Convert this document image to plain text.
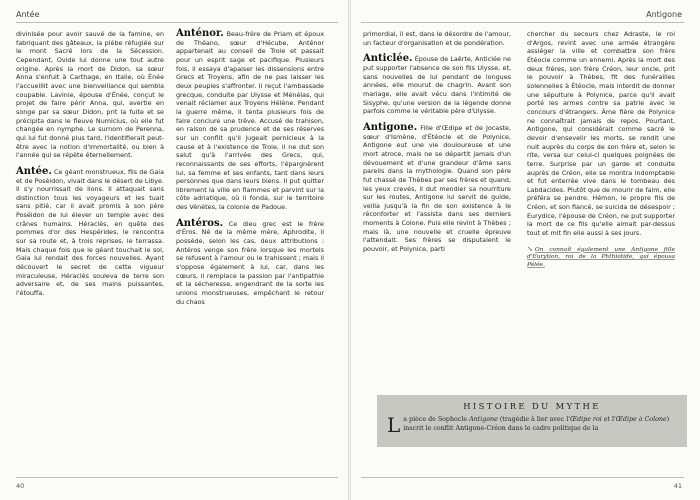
Antée

divinisée pour avoir sauvé de la famine, en fabriquant des gâteaux, la plèbe réfugiée sur le mont Sacré lors de la Sécession. Cependant, Ovide lui donne une tout autre origine. Après la mort de Didon, sa sœur Anna s'enfuit à Carthage, en Italie, où Énée l'accueillit avec une bienveillance qui sembla coupable. Lavinie, épouse d'Énée, conçut le projet de faire périr Anna, qui, avertie en songe par sa sœur Didon, prit la fuite et se précipita dans le fleuve Numicius, où elle fut changée en nymphe. Le surnom de Perenna, qui lui fut donné plus tard, l'identifierait peut-être avec la notion d'immortalité, ou bien à l'année qui se répète éternellement.

Antée. Ce géant monstrueux, fils de Gaia et de Poséidon, vivait dans le désert de Libye. Il s'y nourrissait de lions. Il attaquait sans distinction tous les voyageurs et les tuait sans pitié, car il avait promis à son père Poséidon de lui élever un temple avec des crânes humains. Héraclès, en quête des pommes d'or des Hespérides, le rencontra sur sa route et, à trois reprises, le terrassa. Mais chaque fois que le géant touchait le sol, Gaia lui rendait des forces nouvelles. Ayant découvert le secret de cette vigueur miraculeuse, Héraclès souleva de terre son adversaire et, de ses mains puissantes, l'étouffa.

Anténor. Beau-frère de Priam et époux de Théano, sœur d'Hécube, Anténor appartenait au conseil de Troie et passait pour un esprit sage et pacifique. Plusieurs fois, il essaya d'apaiser les dissensions entre Grecs et Troyens, afin de ne pas laisser les deux peuples s'affronter. Il reçut l'ambassade grecque, conduite par Ulysse et Ménélas, qui venait réclamer aux Troyens Hélène. Pendant la guerre même, il tenta plusieurs fois de faire conclure une trêve. Accusé de trahison, en raison de sa prudence et de ses réserves sur un conflit qu'il jugeait pernicieux à la cause et à l'existence de Troie, il ne dut son salut qu'à l'arrivée des Grecs, qui, reconnaissants de ses efforts, l'épargnèrent lui, sa femme et ses enfants, tant dans leurs personnes que dans leurs biens. Il put quitter librement la ville en flammes et parvint sur la côte adriatique, où il fonda, sur le territoire des Vénètes, la colonie de Padoue.

Antéros. Ce dieu grec est le frère d'Éros. Né de la même mère, Aphrodite, il possède, selon les cas, deux attributions : Antéros venge son frère lorsque les mortels se refusent à l'amour ou le trahissent ; mais il s'oppose également à lui, car, dans les cœurs, il remplace la passion par l'antipathie et la sécheresse, engendrant de la sorte les unions monstrueuses, empêchant le retour du chaos

40
Antigone

primordial, il est, dans le désordre de l'amour, un facteur d'organisation et de pondération.

Anticlée. Épouse de Laërte, Anticlée ne put supporter l'absence de son fils Ulysse, et, sans nouvelles de lui pendant de longues années, elle mourut de chagrin. Avant son mariage, elle avait vécu dans l'intimité de Sisyphe, qu'une version de la légende donne parfois comme le véritable père d'Ulysse.

Antigone. Fille d'Œdipe et de Jocaste, sœur d'Ismène, d'Étéocle et de Polynice, Antigone eut une vie douloureuse et une mort atroce, mais ne se départit jamais d'un dévouement et d'une grandeur d'âme sans pareils dans la mythologie. Quand son père fut chassé de Thèbes par ses frères et quand, les yeux crevés, il dut mendier sa nourriture sur les routes, Antigone lui servit de guide, veilla jusqu'à la fin de son existence à le réconforter et l'assista dans ses derniers moments à Colone. Puis elle revint à Thèbes ; mais là, une nouvelle et cruelle épreuve l'attendait. Ses frères se disputaient le pouvoir, et Polynice, parti

chercher du secours chez Adraste, le roi d'Argos, revint avec une armée étrangère assiéger la ville et combattre son frère Étéocle comme un ennemi. Après la mort des deux frères, son frère Créon, leur oncle, prit le pouvoir à Thèbes, fit des funérailles solennelles à Étéocle, mais interdit de donner une sépulture à Polynice, parce qu'il avait porté les armes contre sa patrie avec le concours d'étrangers. Âme fière de Polynice ne connaîtrait jamais de repos. Pourtant, Antigone, qui considérait comme sacré le devoir d'ensevelir les morts, se rendit une nuit auprès du corps de son frère et, selon le rite, versa sur celui-ci quelques poignées de terre. Surprise par un garde et conduite auprès de Créon, elle se montra indomptable et fut enterrée vive dans le tombeau des Labdacides. Plutôt que de mourir de faim, elle préféra se pendre. Hémon, le propre fils de Créon, et son fiancé, se suicida de désespoir ; Eurydice, l'épouse de Créon, ne put supporter la mort de ce fils qu'elle aimait par-dessus tout et mit fin elle aussi à ses jours.

↘ On connaît également une Antigone fille d'Eurytion, roi de la Phthiotide, qui épousa Pélée.
HISTOIRE DU MYTHE
La pièce de Sophocle Antigone (tragédie à lier avec l'Œdipe roi et l'Œdipe à Colone) inscrit le conflit Antigone-Créon dans le cadre politique de la
41
